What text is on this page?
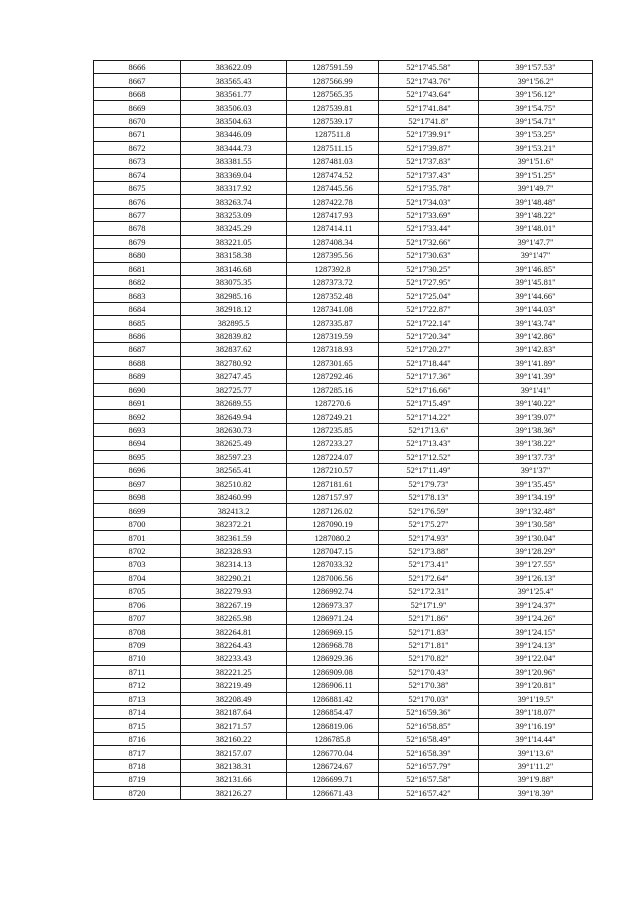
8666	383622.09	1287591.59	52°17'45.58"	39°1'57.53"
8667	383565.43	1287566.99	52°17'43.76"	39°1'56.2"
8668	383561.77	1287565.35	52°17'43.64"	39°1'56.12"
8669	383506.03	1287539.81	52°17'41.84"	39°1'54.75"
8670	383504.63	1287539.17	52°17'41.8"	39°1'54.71"
8671	383446.09	1287511.8	52°17'39.91"	39°1'53.25"
8672	383444.73	1287511.15	52°17'39.87"	39°1'53.21"
8673	383381.55	1287481.03	52°17'37.83"	39°1'51.6"
8674	383369.04	1287474.52	52°17'37.43"	39°1'51.25"
8675	383317.92	1287445.56	52°17'35.78"	39°1'49.7"
8676	383263.74	1287422.78	52°17'34.03"	39°1'48.48"
8677	383253.09	1287417.93	52°17'33.69"	39°1'48.22"
8678	383245.29	1287414.11	52°17'33.44"	39°1'48.01"
8679	383221.05	1287408.34	52°17'32.66"	39°1'47.7"
8680	383158.38	1287395.56	52°17'30.63"	39°1'47"
8681	383146.68	1287392.8	52°17'30.25"	39°1'46.85"
8682	383075.35	1287373.72	52°17'27.95"	39°1'45.81"
8683	382985.16	1287352.48	52°17'25.04"	39°1'44.66"
8684	382918.12	1287341.08	52°17'22.87"	39°1'44.03"
8685	382895.5	1287335.87	52°17'22.14"	39°1'43.74"
8686	382839.82	1287319.59	52°17'20.34"	39°1'42.86"
8687	382837.62	1287318.93	52°17'20.27"	39°1'42.83"
8688	382780.92	1287301.65	52°17'18.44"	39°1'41.89"
8689	382747.45	1287292.46	52°17'17.36"	39°1'41.39"
8690	382725.77	1287285.16	52°17'16.66"	39°1'41"
8691	382689.55	1287270.6	52°17'15.49"	39°1'40.22"
8692	382649.94	1287249.21	52°17'14.22"	39°1'39.07"
8693	382630.73	1287235.85	52°17'13.6"	39°1'38.36"
8694	382625.49	1287233.27	52°17'13.43"	39°1'38.22"
8695	382597.23	1287224.07	52°17'12.52"	39°1'37.73"
8696	382565.41	1287210.57	52°17'11.49"	39°1'37"
8697	382510.82	1287181.61	52°17'9.73"	39°1'35.45"
8698	382460.99	1287157.97	52°17'8.13"	39°1'34.19"
8699	382413.2	1287126.02	52°17'6.59"	39°1'32.48"
8700	382372.21	1287090.19	52°17'5.27"	39°1'30.58"
8701	382361.59	1287080.2	52°17'4.93"	39°1'30.04"
8702	382328.93	1287047.15	52°17'3.88"	39°1'28.29"
8703	382314.13	1287033.32	52°17'3.41"	39°1'27.55"
8704	382290.21	1287006.56	52°17'2.64"	39°1'26.13"
8705	382279.93	1286992.74	52°17'2.31"	39°1'25.4"
8706	382267.19	1286973.37	52°17'1.9"	39°1'24.37"
8707	382265.98	1286971.24	52°17'1.86"	39°1'24.26"
8708	382264.81	1286969.15	52°17'1.83"	39°1'24.15"
8709	382264.43	1286968.78	52°17'1.81"	39°1'24.13"
8710	382233.43	1286929.36	52°17'0.82"	39°1'22.04"
8711	382221.25	1286909.08	52°17'0.43"	39°1'20.96"
8712	382219.49	1286906.11	52°17'0.38"	39°1'20.81"
8713	382208.49	1286881.42	52°17'0.03"	39°1'19.5"
8714	382187.64	1286854.47	52°16'59.36"	39°1'18.07"
8715	382171.57	1286819.06	52°16'58.85"	39°1'16.19"
8716	382160.22	1286785.8	52°16'58.49"	39°1'14.44"
8717	382157.07	1286770.04	52°16'58.39"	39°1'13.6"
8718	382138.31	1286724.67	52°16'57.79"	39°1'11.2"
8719	382131.66	1286699.71	52°16'57.58"	39°1'9.88"
8720	382126.27	1286671.43	52°16'57.42"	39°1'8.39"
